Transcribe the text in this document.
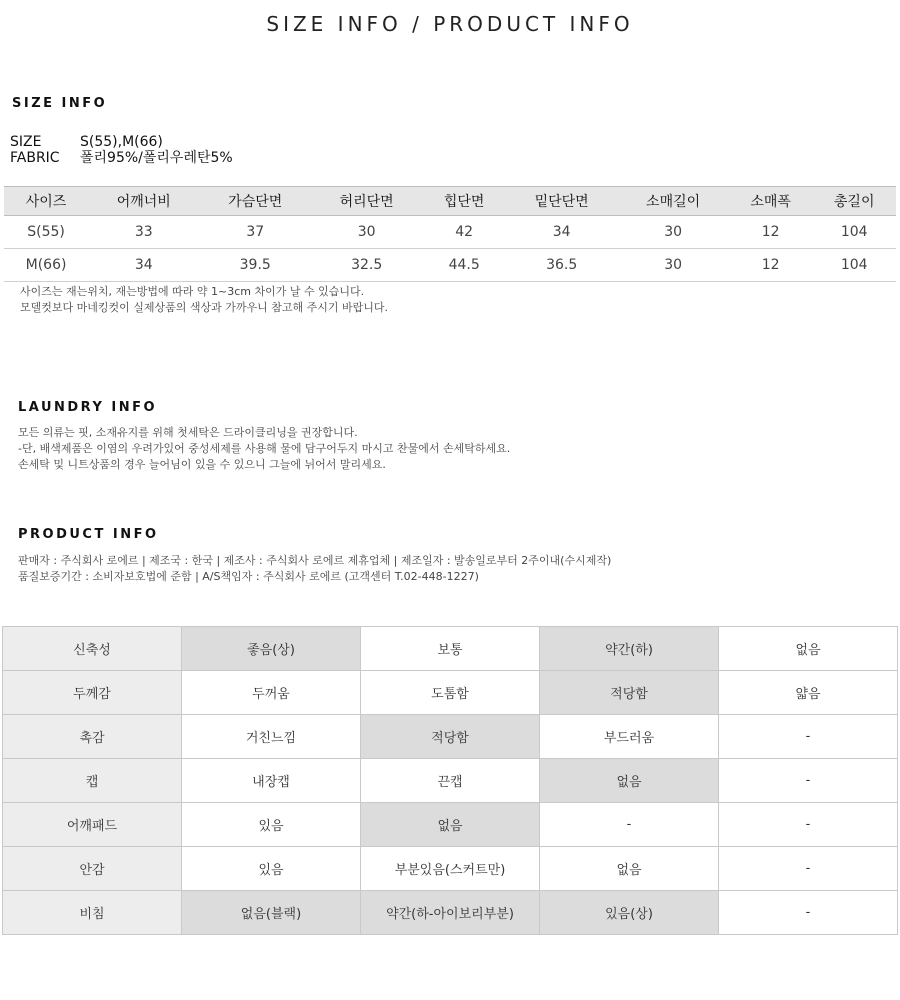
SIZE INFO / PRODUCT INFO
SIZE INFO
SIZE	S(55),M(66)
FABRIC 폴리95%/폴리우레탄5%
사이즈	어깨너비	가슴단면	허리단면	힙단면	밑단단면	소매길이	소매폭	총길이
S(55)	33	37	30	42	34	30	12	104
M(66)	34	39.5	32.5	44.5	36.5	30	12	104
사이즈는 재는위치, 재는방법에 따라 약 1~3cm 차이가 날 수 있습니다.
모델컷보다 마네킹컷이 실제상품의 색상과 가까우니 참고해 주시기 바랍니다.
LAUNDRY INFO
모든 의류는 핏, 소재유지를 위해 첫세탁은 드라이클리닝을 권장합니다.
-단, 배색제품은 이염의 우려가있어 중성세제를 사용해 물에 담구어두지 마시고 찬물에서 손세탁하세요.
손세탁 및 니트상품의 경우 늘어님이 있을 수 있으니 그늘에 뉘어서 말리세요.
PRODUCT INFO
판매자 : 주식회사 로에르 | 제조국 : 한국 | 제조사 : 주식회사 로에르 제휴업체 | 제조일자 : 발송일로부터 2주이내(수시제작)
품질보증기간 : 소비자보호법에 준함 | A/S책임자 : 주식회사 로에르 (고객센터 T.02-448-1227)
신축성	좋음(상)	보통	약간(하)	없음
두께감	두꺼움	도톰함	적당함	얇음
촉감	거친느낌	적당함	부드러움	-
캡	내장캡	끈캡	없음	-
어깨패드	있음	없음	-	-
안감	있음	부분있음(스커트만)	없음	-
비침	없음(블랙)	약간(하-아이보리부분)	있음(상)	-
